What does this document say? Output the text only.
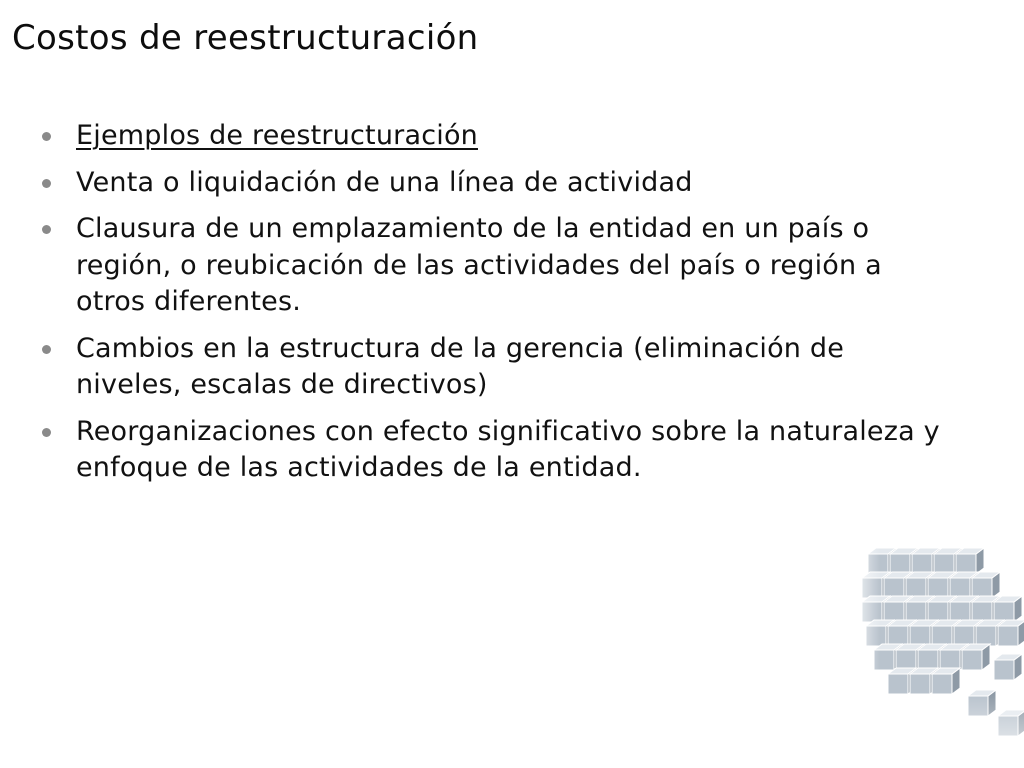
Costos de reestructuración
Ejemplos de reestructuración
Venta o liquidación de una línea de actividad
Clausura de un emplazamiento de la entidad en un país o región, o reubicación de las actividades del país o región a otros diferentes.
Cambios en la estructura de la gerencia (eliminación de niveles, escalas de directivos)
Reorganizaciones con efecto significativo sobre la naturaleza y enfoque de las actividades de la entidad.
